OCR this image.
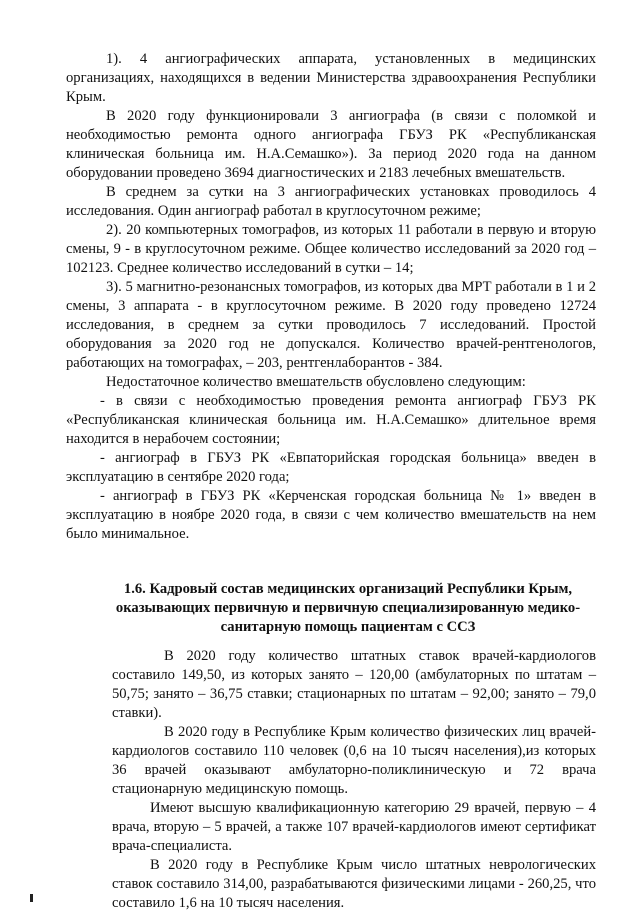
1). 4 ангиографических аппарата, установленных в медицинских организациях, находящихся в ведении Министерства здравоохранения Республики Крым.

В 2020 году функционировали 3 ангиографа (в связи с поломкой и необходимостью ремонта одного ангиографа ГБУЗ РК «Республиканская клиническая больница им. Н.А.Семашко»). За период 2020 года на данном оборудовании проведено 3694 диагностических и 2183 лечебных вмешательств.

В среднем за сутки на 3 ангиографических установках проводилось 4 исследования. Один ангиограф работал в круглосуточном режиме;

2). 20 компьютерных томографов, из которых 11 работали в первую и вторую смены, 9 - в круглосуточном режиме. Общее количество исследований за 2020 год – 102123. Среднее количество исследований в сутки – 14;

3). 5 магнитно-резонансных томографов, из которых два МРТ работали в 1 и 2 смены, 3 аппарата - в круглосуточном режиме. В 2020 году проведено 12724 исследования, в среднем за сутки проводилось 7 исследований. Простой оборудования за 2020 год не допускался. Количество врачей-рентгенологов, работающих на томографах, – 203, рентгенлаборантов - 384.

Недостаточное количество вмешательств обусловлено следующим:

- в связи с необходимостью проведения ремонта ангиограф ГБУЗ РК «Республиканская клиническая больница им. Н.А.Семашко» длительное время находится в нерабочем состоянии;

- ангиограф в ГБУЗ РК «Евпаторийская городская больница» введен в эксплуатацию в сентябре 2020 года;

- ангиограф в ГБУЗ РК «Керченская городская больница № 1» введен в эксплуатацию в ноябре 2020 года, в связи с чем количество вмешательств на нем было минимальное.

1.6. Кадровый состав медицинских организаций Республики Крым, оказывающих первичную и первичную специализированную медико-санитарную помощь пациентам с ССЗ

В 2020 году количество штатных ставок врачей-кардиологов составило 149,50, из которых занято – 120,00 (амбулаторных по штатам – 50,75; занято – 36,75 ставки; стационарных по штатам – 92,00; занято – 79,0 ставки).

В 2020 году в Республике Крым количество физических лиц врачей-кардиологов составило 110 человек (0,6 на 10 тысяч населения),из которых 36 врачей оказывают амбулаторно-поликлиническую и 72 врача стационарную медицинскую помощь.

Имеют высшую квалификационную категорию 29 врачей, первую – 4 врача, вторую – 5 врачей, а также 107 врачей-кардиологов имеют сертификат врача-специалиста.

В 2020 году в Республике Крым число штатных неврологических ставок составило 314,00, разрабатываются физическими лицами - 260,25, что составило 1,6 на 10 тысяч населения.
